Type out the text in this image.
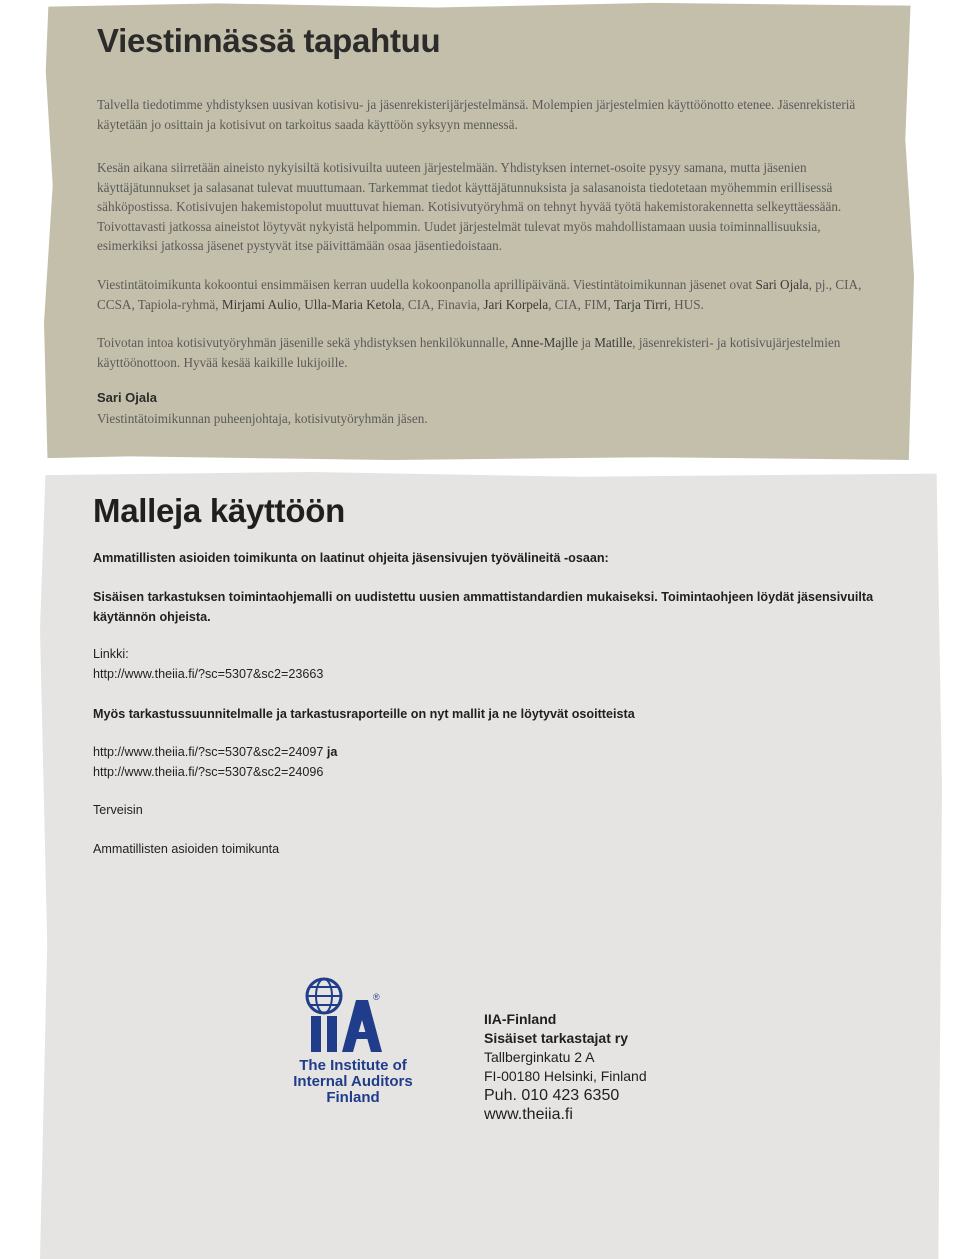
Viestinnässä tapahtuu

Talvella tiedotimme yhdistyksen uusivan kotisivu- ja jäsenrekisterijärjestelmänsä. Molempien järjestelmien käyttöönotto etenee. Jäsenrekisteriä käytetään jo osittain ja kotisivut on tarkoitus saada käyttöön syksyyn mennessä.

Kesän aikana siirretään aineisto nykyisiltä kotisivuilta uuteen järjestelmään. Yhdistyksen internet-osoite pysyy samana, mutta jäsenien käyttäjätunnukset ja salasanat tulevat muuttumaan. Tarkemmat tiedot käyttäjätunnuksista ja salasanoista tiedotetaan myöhemmin erillisessä sähköpostissa. Kotisivujen hakemistopolut muuttuvat hieman. Kotisivutyöryhmä on tehnyt hyvää työtä hakemistorakennetta selkeyttäessään. Toivottavasti jatkossa aineistot löytyvät nykyistä helpommin. Uudet järjestelmät tulevat myös mahdollistamaan uusia toiminnallisuuksia, esimerkiksi jatkossa jäsenet pystyvät itse päivittämään osaa jäsentiedoistaan.

Viestintätoimikunta kokoontui ensimmäisen kerran uudella kokoonpanolla aprillipäivänä. Viestintätoimikunnan jäsenet ovat Sari Ojala, pj., CIA, CCSA, Tapiola-ryhmä, Mirjami Aulio, Ulla-Maria Ketola, CIA, Finavia, Jari Korpela, CIA, FIM, Tarja Tirri, HUS.

Toivotan intoa kotisivutyöryhmän jäsenille sekä yhdistyksen henkilökunnalle, Anne-Majlle ja Matille, jäsenrekisteri- ja kotisivujärjestelmien käyttöönottoon. Hyvää kesää kaikille lukijoille.

Sari Ojala
Viestintätoimikunnan puheenjohtaja, kotisivutyöryhmän jäsen.
Malleja käyttöön

Ammatillisten asioiden toimikunta on laatinut ohjeita jäsensivujen työvälineitä -osaan:

Sisäisen tarkastuksen toimintaohjemalli on uudistettu uusien ammattistandardien mukaiseksi. Toimintaohjeen löydät jäsensivuilta käytännön ohjeista.

Linkki:

http://www.theiia.fi/?sc=5307&sc2=23663

Myös tarkastussuunnitelmalle ja tarkastusraporteille on nyt mallit ja ne löytyvät osoitteista

http://www.theiia.fi/?sc=5307&sc2=24097 ja

http://www.theiia.fi/?sc=5307&sc2=24096

Terveisin

Ammatillisten asioiden toimikunta

®
The Institute of
Internal Auditors
Finland
IIA-Finland
Sisäiset tarkastajat ry
Tallberginkatu 2 A
FI-00180 Helsinki, Finland
Puh. 010 423 6350
www.theiia.fi
